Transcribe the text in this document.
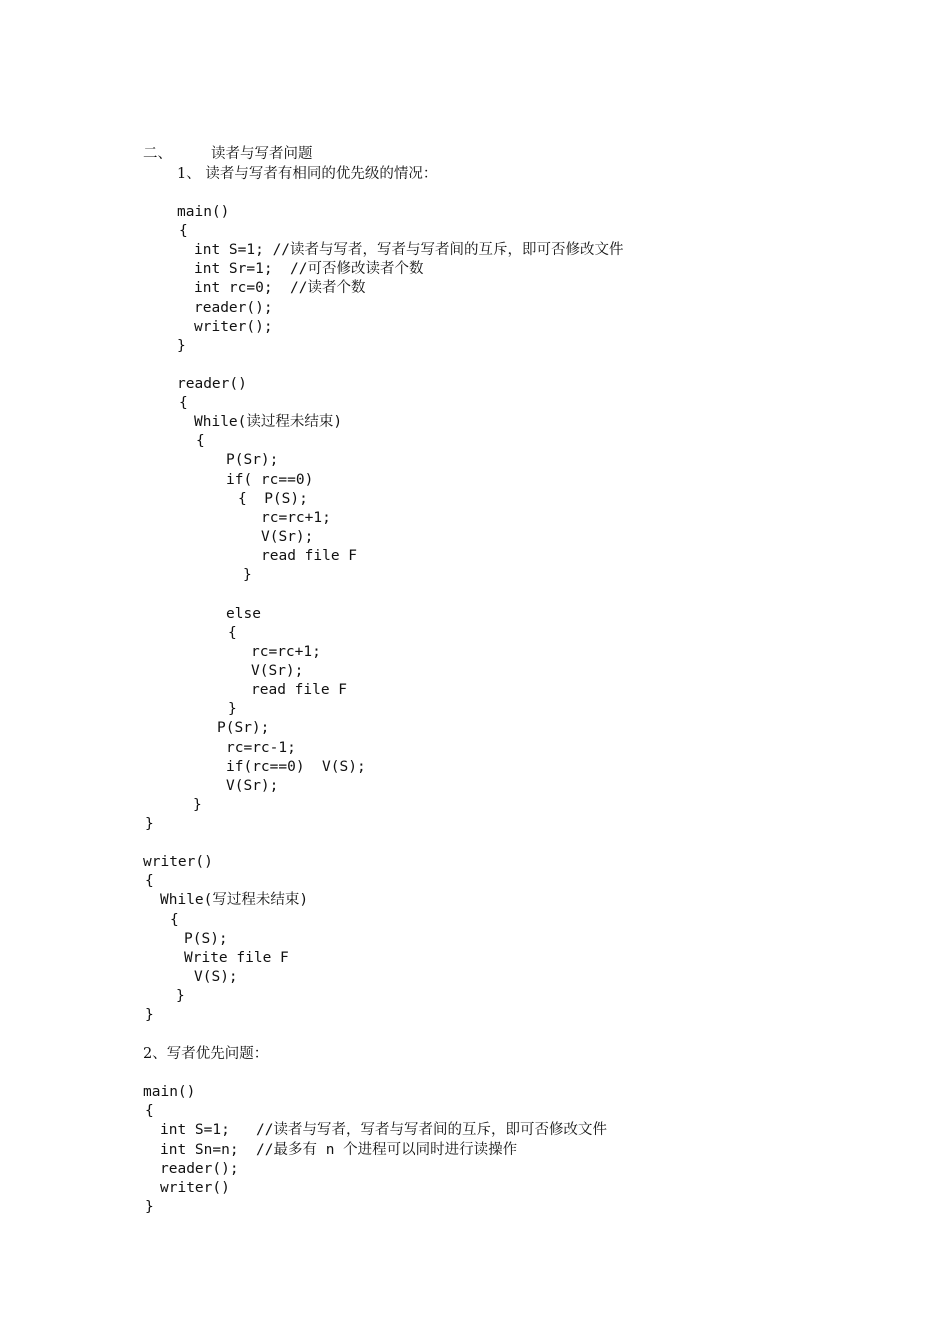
二、	读者与写者问题
1、 读者与写者有相同的优先级的情况：
main()
{
int S=1; //读者与写者，写者与写者间的互斥，即可否修改文件
int Sr=1;  //可否修改读者个数
int rc=0;  //读者个数
reader();
writer();
}
reader()
{
While(读过程未结束)
{
P(Sr);
if( rc==0)
{  P(S);
rc=rc+1;
V(Sr);
read file F
}
else
{
rc=rc+1;
V(Sr);
read file F
}
P(Sr);
rc=rc-1;
if(rc==0)  V(S);
V(Sr);
}
}
writer()
{
While(写过程未结束)
{
P(S);
Write file F
V(S);
}
}
2、写者优先问题：
main()
{
int S=1;   //读者与写者，写者与写者间的互斥，即可否修改文件
int Sn=n;  //最多有 n 个进程可以同时进行读操作
reader();
writer()
}
